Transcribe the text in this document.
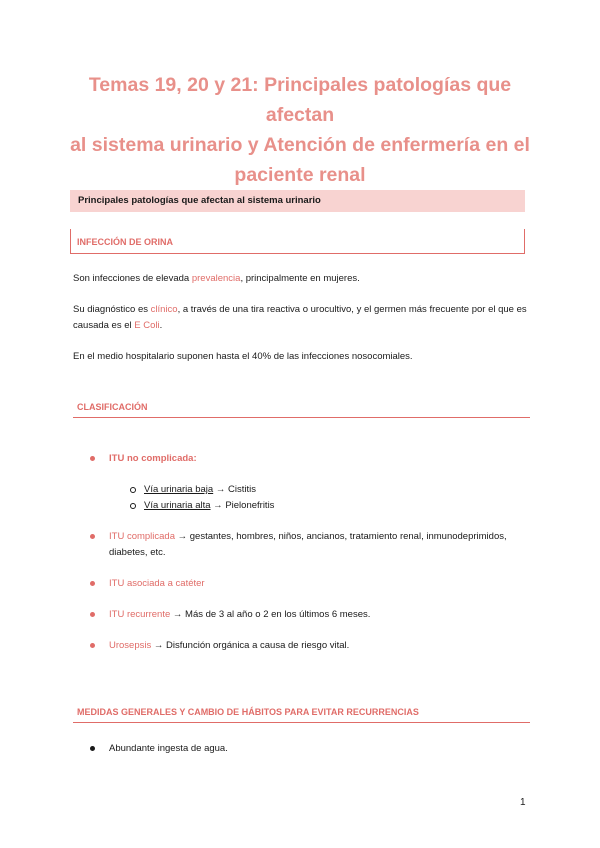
Temas 19, 20 y 21: Principales patologías que afectan
al sistema urinario y Atención de enfermería en el
paciente renal
Principales patologías que afectan al sistema urinario
INFECCIÓN DE ORINA
Son infecciones de elevada prevalencia, principalmente en mujeres.
Su diagnóstico es clínico, a través de una tira reactiva o urocultivo, y el germen más frecuente por el que es causada es el E Coli.
En el medio hospitalario suponen hasta el 40% de las infecciones nosocomiales.
CLASIFICACIÓN
ITU no complicada:
Vía urinaria baja → Cistitis
Vía urinaria alta → Pielonefritis
ITU complicada → gestantes, hombres, niños, ancianos, tratamiento renal, inmunodeprimidos, diabetes, etc.
ITU asociada a catéter
ITU recurrente → Más de 3 al año o 2 en los últimos 6 meses.
Urosepsis → Disfunción orgánica a causa de riesgo vital.
MEDIDAS GENERALES Y CAMBIO DE HÁBITOS PARA EVITAR RECURRENCIAS
Abundante ingesta de agua.
1
